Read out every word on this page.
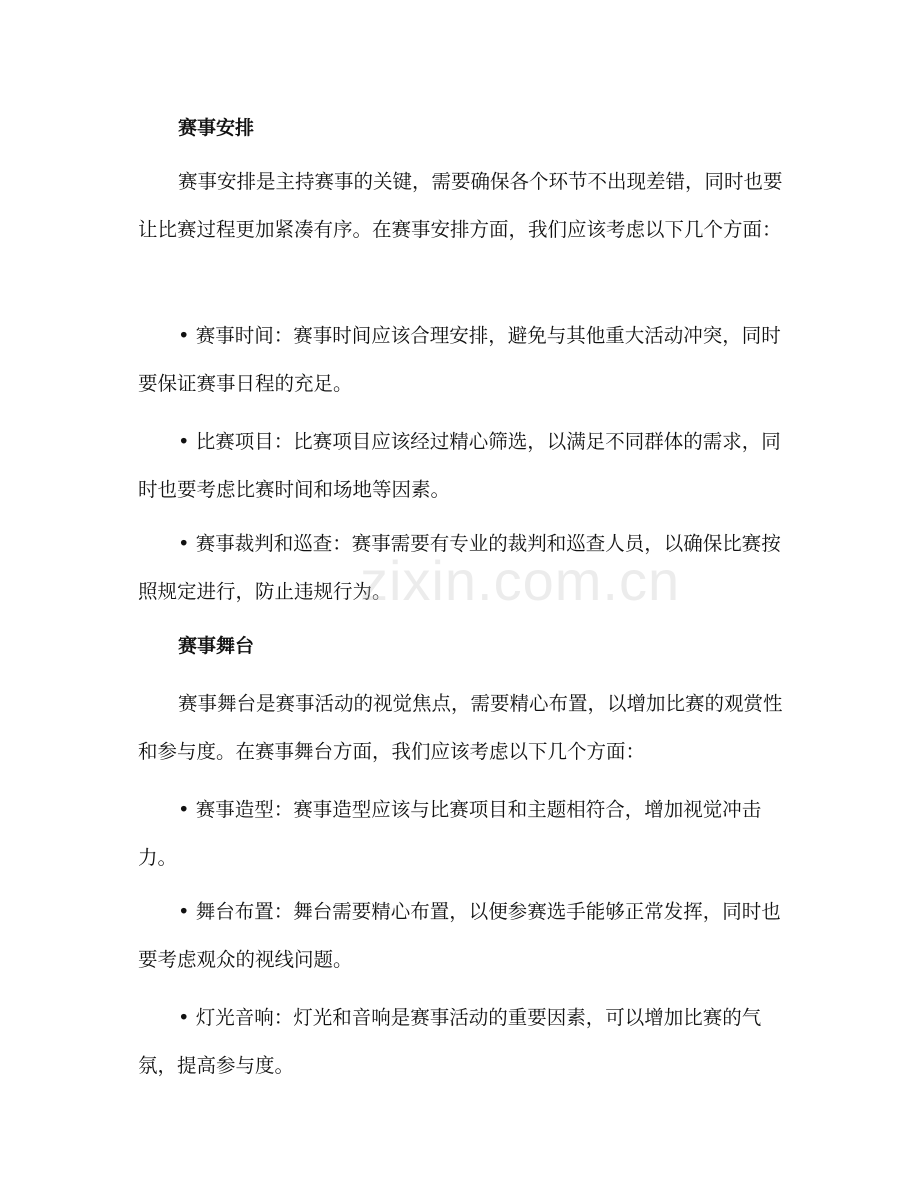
赛事安排

赛事安排是主持赛事的关键，需要确保各个环节不出现差错，同时也要让比赛过程更加紧凑有序。在赛事安排方面，我们应该考虑以下几个方面：

• 赛事时间：赛事时间应该合理安排，避免与其他重大活动冲突，同时要保证赛事日程的充足。

• 比赛项目：比赛项目应该经过精心筛选，以满足不同群体的需求，同时也要考虑比赛时间和场地等因素。

• 赛事裁判和巡查：赛事需要有专业的裁判和巡查人员，以确保比赛按照规定进行，防止违规行为。

赛事舞台

赛事舞台是赛事活动的视觉焦点，需要精心布置，以增加比赛的观赏性和参与度。在赛事舞台方面，我们应该考虑以下几个方面：

• 赛事造型：赛事造型应该与比赛项目和主题相符合，增加视觉冲击力。

• 舞台布置：舞台需要精心布置，以便参赛选手能够正常发挥，同时也要考虑观众的视线问题。

• 灯光音响：灯光和音响是赛事活动的重要因素，可以增加比赛的气氛，提高参与度。

zixin.com.cn
